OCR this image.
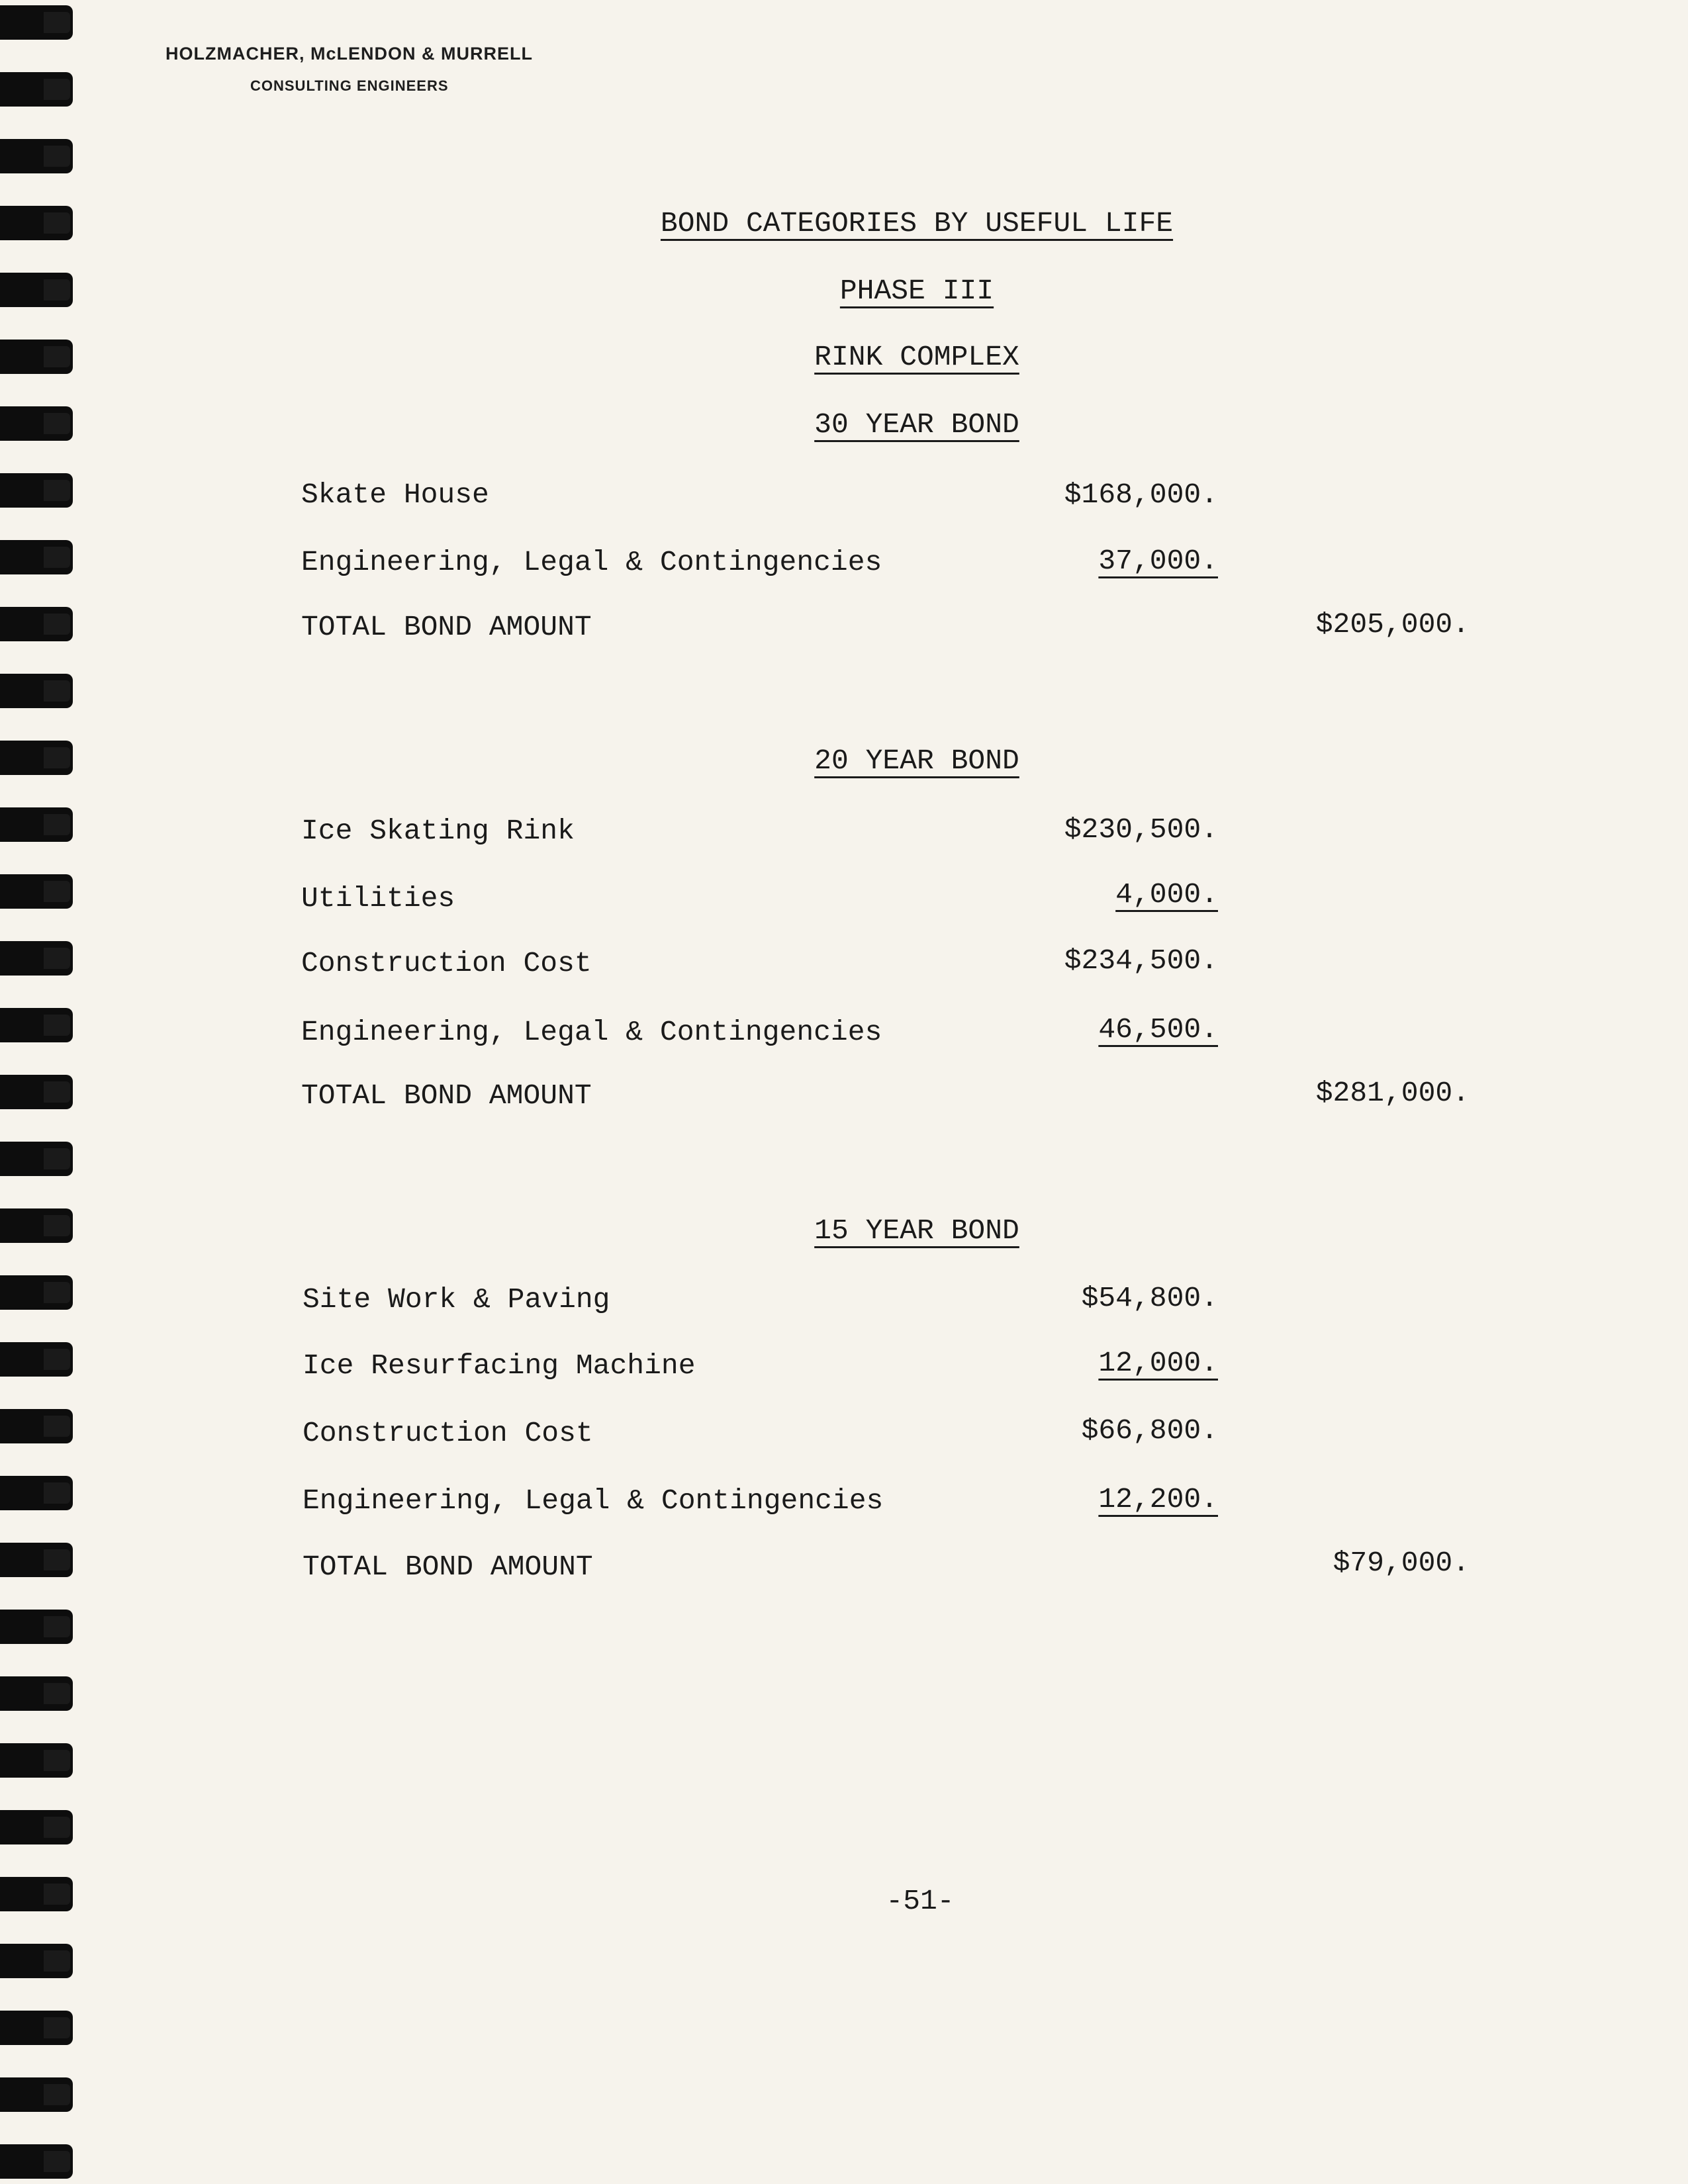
HOLZMACHER, McLENDON & MURRELL
CONSULTING ENGINEERS
BOND CATEGORIES BY USEFUL LIFE
PHASE III
RINK COMPLEX
30 YEAR BOND
Skate House	$168,000.
Engineering, Legal & Contingencies	37,000.
TOTAL BOND AMOUNT	$205,000.
20 YEAR BOND
Ice Skating Rink	$230,500.
Utilities	4,000.
Construction Cost	$234,500.
Engineering, Legal & Contingencies	46,500.
TOTAL BOND AMOUNT	$281,000.
15 YEAR BOND
Site Work & Paving	$54,800.
Ice Resurfacing Machine	12,000.
Construction Cost	$66,800.
Engineering, Legal & Contingencies	12,200.
TOTAL BOND AMOUNT	$79,000.
-51-
